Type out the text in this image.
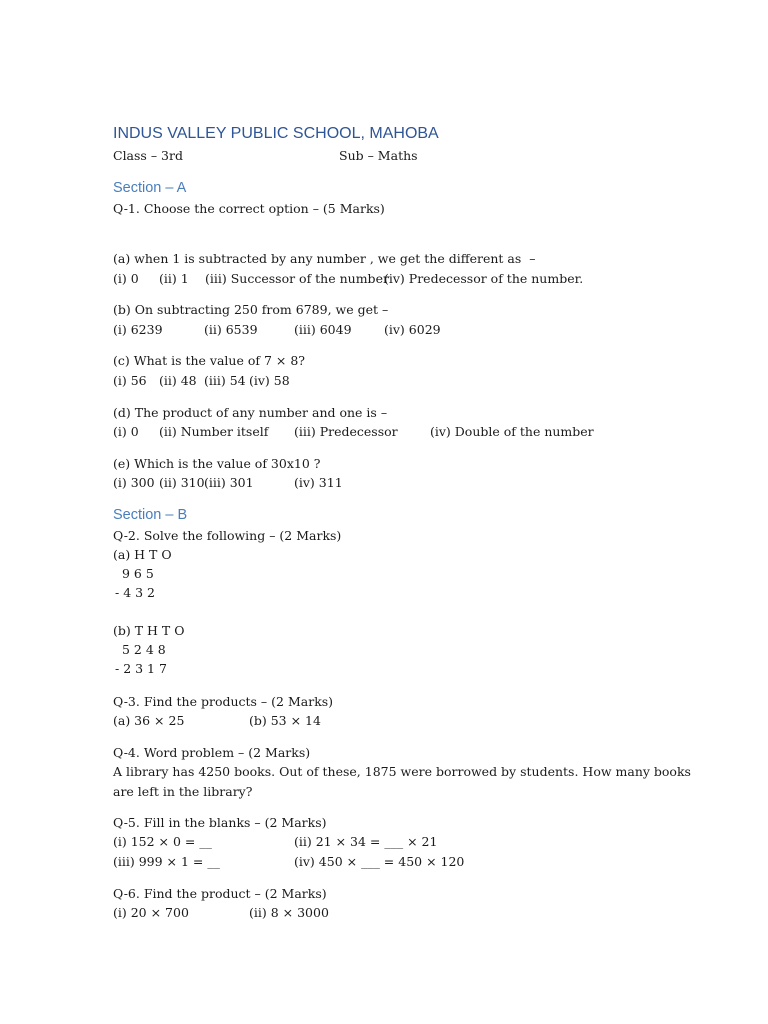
INDUS VALLEY PUBLIC SCHOOL, MAHOBA
Class – 3rd	Sub – Maths
Section – A
Q-1. Choose the correct option – (5 Marks)
(a) when 1 is subtracted by any number , we get the different as  –
(i) 0 (ii) 1 (iii) Successor of the number
(iv) Predecessor of the number.
(b) On subtracting 250 from 6789, we get –
(i) 6239	(ii) 6539	(iii) 6049	(iv) 6029
(c) What is the value of 7 × 8?
(i) 56 (ii) 48 (iii) 54 (iv) 58
(d) The product of any number and one is –
(i) 0 (ii) Number itself (iii) Predecessor	(iv) Double of the number
(e) Which is the value of 30x10 ?
(i) 300 (ii) 310 (iii) 301	(iv) 311
Section – B
Q-2. Solve the following – (2 Marks)
(a) H T O
9 6 5
- 4 3 2
(b) T H T O
5 2 4 8
- 2 3 1 7
Q-3. Find the products – (2 Marks)
(a) 36 × 25	(b) 53 × 14
Q-4. Word problem – (2 Marks)
A library has 4250 books. Out of these, 1875 were borrowed by students. How many books
are left in the library?
Q-5. Fill in the blanks – (2 Marks)
(i) 152 × 0 = __	(ii) 21 × 34 = ___ × 21
(iii) 999 × 1 = __	(iv) 450 × ___ = 450 × 120
Q-6. Find the product – (2 Marks)
(i) 20 × 700	(ii) 8 × 3000
